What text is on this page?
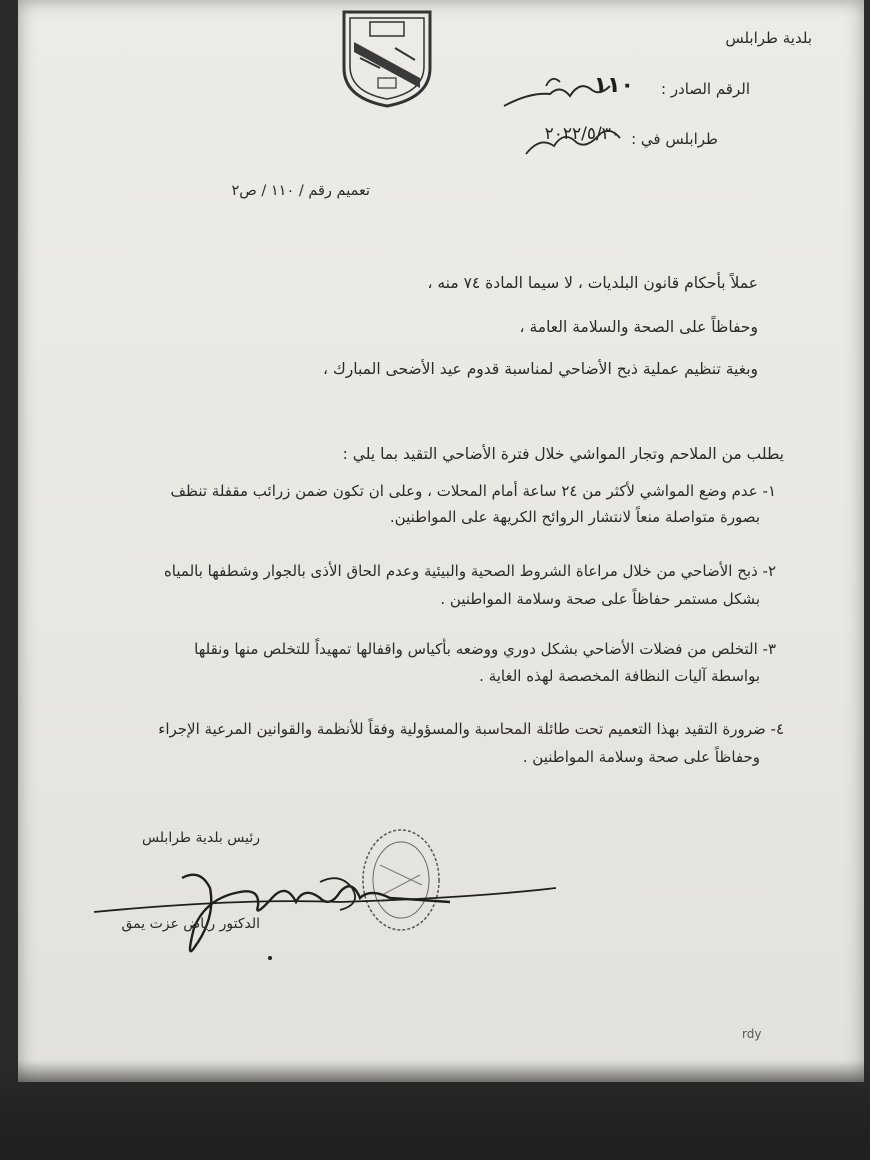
بلدية طرابلس
الرقم الصادر :
١١٠
طرابلس في :
٢٠٢٢/٥/٣٠
تعميم رقم / ١١٠ / ص٢
عملاً بأحكام قانون البلديات ، لا سيما المادة ٧٤ منه ،
وحفاظاً على الصحة والسلامة العامة ،
وبغية تنظيم عملية ذبح الأضاحي لمناسبة قدوم عيد الأضحى المبارك ،
يطلب من الملاحم وتجار المواشي خلال فترة الأضاحي التقيد بما يلي :
١- عدم وضع المواشي لأكثر من ٢٤ ساعة أمام المحلات ، وعلى ان تكون ضمن زرائب مقفلة تنظف
بصورة متواصلة منعاً لانتشار الروائح الكريهة على المواطنين.
٢- ذبح الأضاحي من خلال مراعاة الشروط الصحية والبيئية وعدم الحاق الأذى بالجوار وشطفها بالمياه
بشكل مستمر حفاظاً على صحة وسلامة المواطنين .
٣- التخلص من فضلات الأضاحي بشكل دوري ووضعه بأكياس واقفالها تمهيداً للتخلص منها ونقلها
بواسطة آليات النظافة المخصصة لهذه الغاية .
٤- ضرورة التقيد بهذا التعميم تحت طائلة المحاسبة والمسؤولية وفقاً للأنظمة والقوانين المرعية الإجراء
وحفاظاً على صحة وسلامة المواطنين .
رئيس بلدية طرابلس
الدكتور رياض عزت يمق
rdy
